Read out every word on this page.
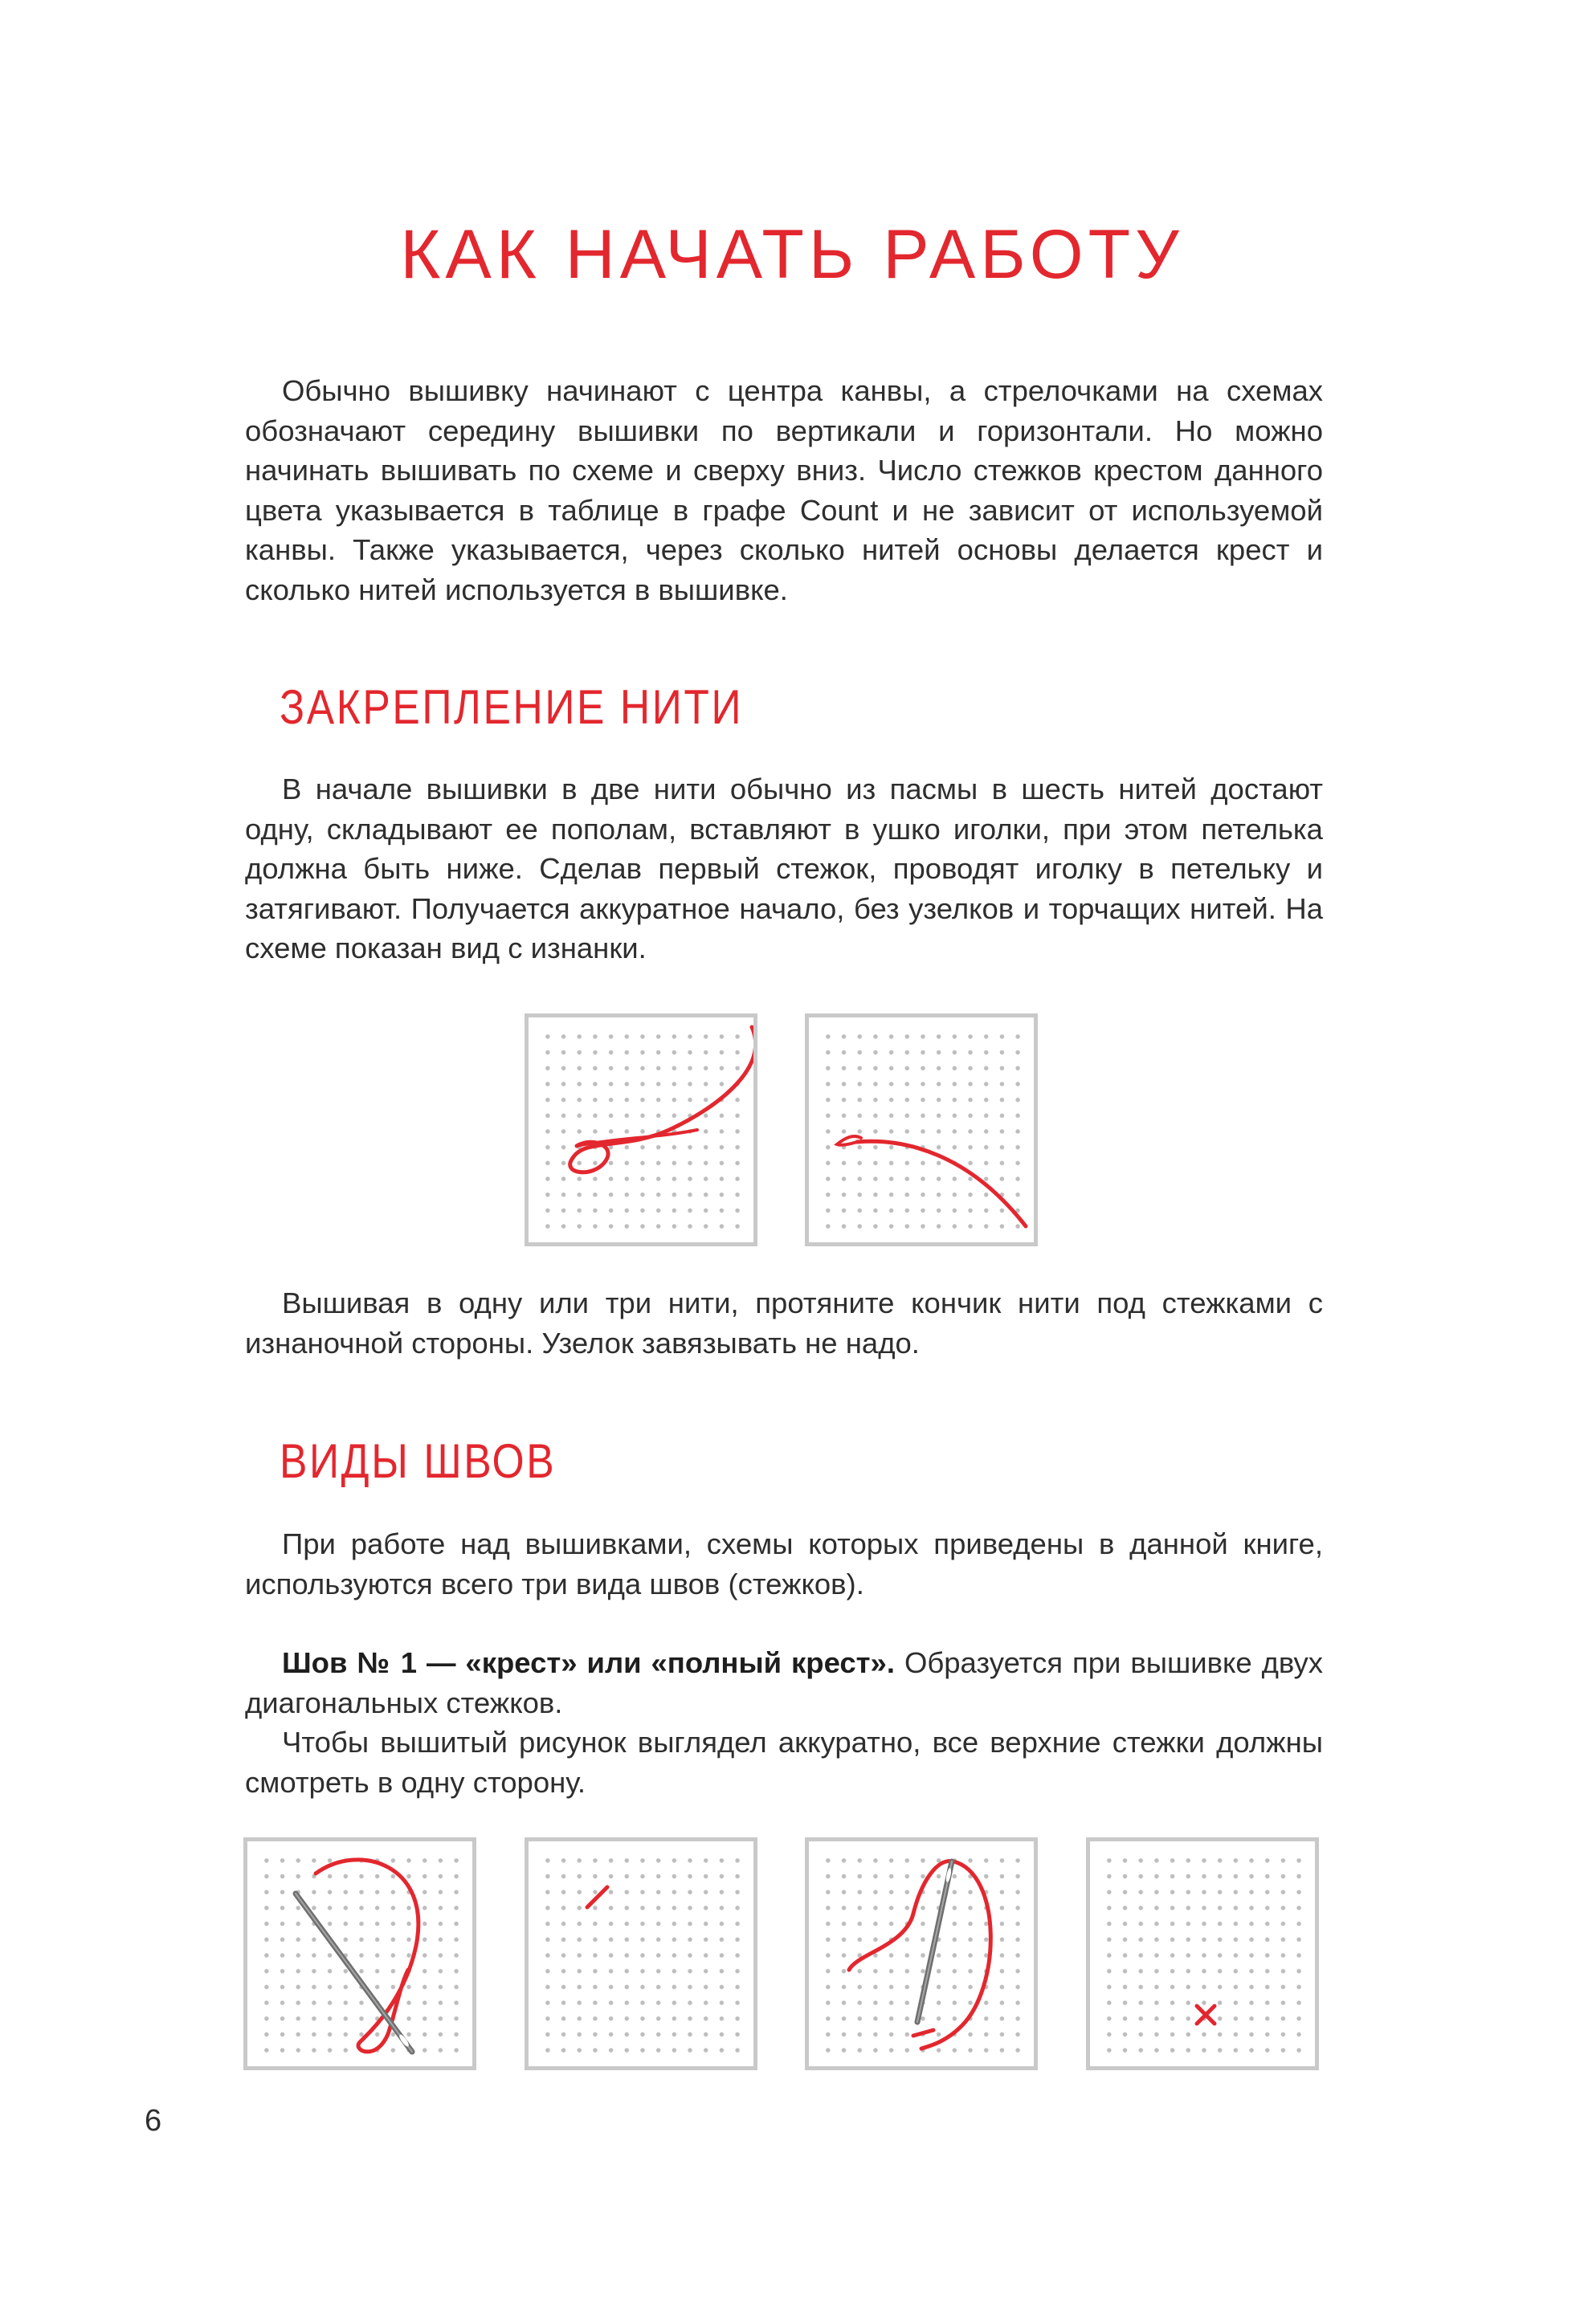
КАК НАЧАТЬ РАБОТУ

Обычно вышивку начинают с центра канвы, а стрелочками на схемах обозначают середину вышивки по вертикали и горизонтали. Но можно начинать вышивать по схеме и сверху вниз. Число стежков крестом данного цвета указывается в таблице в графе Count и не зависит от используемой канвы. Также указывается, через сколько нитей основы делается крест и сколько нитей используется в вышивке.

ЗАКРЕПЛЕНИЕ НИТИ

В начале вышивки в две нити обычно из пасмы в шесть нитей достают одну, складывают ее пополам, вставляют в ушко иголки, при этом петелька должна быть ниже. Сделав первый стежок, проводят иголку в петельку и затягивают. Получается аккуратное начало, без узелков и торчащих нитей. На схеме показан вид с изнанки.

Вышивая в одну или три нити, протяните кончик нити под стежками с изнаночной стороны. Узелок завязывать не надо.

ВИДЫ ШВОВ

При работе над вышивками, схемы которых приведены в данной книге, используются всего три вида швов (стежков).

Шов № 1 — «крест» или «полный крест». Образуется при вышивке двух диагональных стежков.

Чтобы вышитый рисунок выглядел аккуратно, все верхние стежки должны смотреть в одну сторону.

6
